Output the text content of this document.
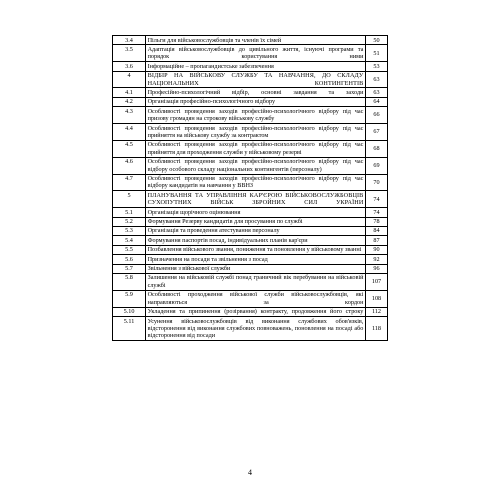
3.4	Пільги для військовослужбовців та членів їх сімей	50
3.5	Адаптація військовослужбовців до цивільного життя, існуючі програми та порядок користування ними	51
3.6	Інформаційне – пропагандистське забезпечення	53
4	ВІДБІР НА ВІЙСЬКОВУ СЛУЖБУ ТА НАВЧАННЯ, ДО СКЛАДУ НАЦІОНАЛЬНИХ КОНТИНГЕНТІВ	63
4.1	Професійно-психологічний відбір, основні завдання та заходи	63
4.2	Організація професійно-психологічного відбору	64
4.3	Особливості проведення заходів професійно-психологічного відбору під час призову громадян на строкову військову службу	66
4.4	Особливості проведення заходів професійно-психологічного відбору під час прийняття на військову службу за контрактом	67
4.5	Особливості проведення заходів професійно-психологічного відбору під час прийняття для проходження служби у військовому резерві	68
4.6	Особливості проведення заходів професійно-психологічного відбору під час відбору особового складу національних контингентів (персоналу)	69
4.7	Особливості проведення заходів професійно-психологічного відбору під час відбору кандидатів на навчання у ВВНЗ	70
5	ПЛАНУВАННЯ ТА УПРАВЛІННЯ КАР'ЄРОЮ ВІЙСЬКОВОСЛУЖБОВЦІВ СУХОПУТНИХ ВІЙСЬК ЗБРОЙНИХ СИЛ УКРАЇНИ	74
5.1	Організація щорічного оцінювання	74
5.2	Формування Резерву кандидатів для просування по службі	78
5.3	Організація та проведення атестування персоналу	84
5.4	Формування паспортів посад, індивідуальних планів кар'єри	87
5.5	Позбавлення військового звання, пониження та поновлення у військовому званні	90
5.6	Призначення на посади та звільнення з посад	92
5.7	Звільнення з військової служби	96
5.8	Залишення на військовій службі понад граничний вік перебування на військовій службі	107
5.9	Особливості проходження військової служби військовослужбовців, які направляються за кордон	108
5.10	Укладення та припинення (розірвання) контракту, продовження його строку	112
5.11	Усунення військовослужбовців від виконання службових обов'язків, відсторонення від виконання службових повноважень, поновлення на посаді або відсторонення від посади	118
4
